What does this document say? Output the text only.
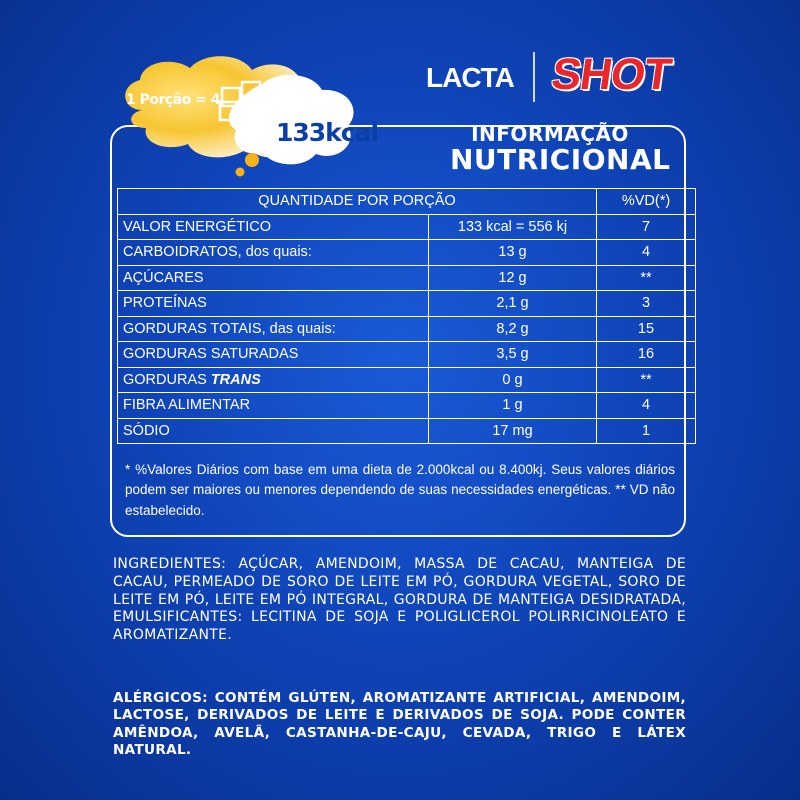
1 Porção = 4
133kcal
LACTA SHOT
INFORMAÇÃO
NUTRICIONAL
QUANTIDADE POR PORÇÃO		%VD(*)
VALOR ENERGÉTICO	133 kcal = 556 kj	7
CARBOIDRATOS, dos quais:	13 g	4
AÇÚCARES	12 g	**
PROTEÍNAS	2,1 g	3
GORDURAS TOTAIS, das quais:	8,2 g	15
GORDURAS SATURADAS	3,5 g	16
GORDURAS TRANS	0 g	**
FIBRA ALIMENTAR	1 g	4
SÓDIO	17 mg	1
* %Valores Diários com base em uma dieta de 2.000kcal ou 8.400kj. Seus valores diários podem ser maiores ou menores dependendo de suas necessidades energéticas. ** VD não estabelecido.
INGREDIENTES: AÇÚCAR, AMENDOIM, MASSA DE CACAU, MANTEIGA DE CACAU, PERMEADO DE SORO DE LEITE EM PÓ, GORDURA VEGETAL, SORO DE LEITE EM PÓ, LEITE EM PÓ INTEGRAL, GORDURA DE MANTEIGA DESIDRATADA, EMULSIFICANTES: LECITINA DE SOJA E POLIGLICEROL POLIRRICINOLEATO E AROMATIZANTE.
ALÉRGICOS: CONTÉM GLÚTEN, AROMATIZANTE ARTIFICIAL, AMENDOIM, LACTOSE, DERIVADOS DE LEITE E DERIVADOS DE SOJA. PODE CONTER AMÊNDOA, AVELÃ, CASTANHA-DE-CAJU, CEVADA, TRIGO E LÁTEX NATURAL.
